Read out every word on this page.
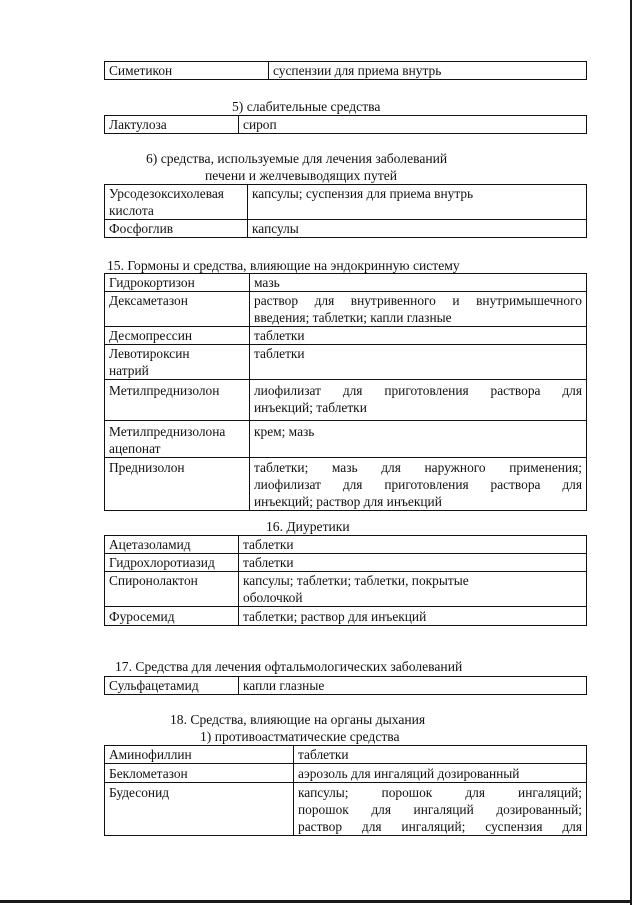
Симетикон	суспензии для приема внутрь
5) слабительные средства
Лактулоза	сироп
6) средства, используемые для лечения заболеваний
печени и желчевыводящих путей
Урсодезоксихолевая
кислота	капсулы; суспензия для приема внутрь
Фосфоглив	капсулы
15. Гормоны и средства, влияющие на эндокринную систему
Гидрокортизон	мазь
Дексаметазон	раствор для внутривенного и внутримышечного
введения; таблетки; капли глазные

Десмопрессин	таблетки
Левотироксин
натрий	таблетки
Метилпреднизолон	лиофилизат для приготовления раствора для
инъекций; таблетки

Метилпреднизолона
ацепонат	крем; мазь
Преднизолон	таблетки; мазь для наружного применения;
лиофилизат для приготовления раствора для
инъекций; раствор для инъекций
16. Диуретики
Ацетазоламид	таблетки
Гидрохлоротиазид	таблетки
Спиронолактон	капсулы; таблетки; таблетки, покрытые
оболочкой

Фуросемид	таблетки; раствор для инъекций
17. Средства для лечения офтальмологических заболеваний
Сульфацетамид	капли глазные
18. Средства, влияющие на органы дыхания
1) противоастматические средства
Аминофиллин	таблетки
Беклометазон	аэрозоль для ингаляций дозированный
Будесонид	капсулы; порошок для ингаляций;
порошок для ингаляций дозированный;
раствор для ингаляций; суспензия для
